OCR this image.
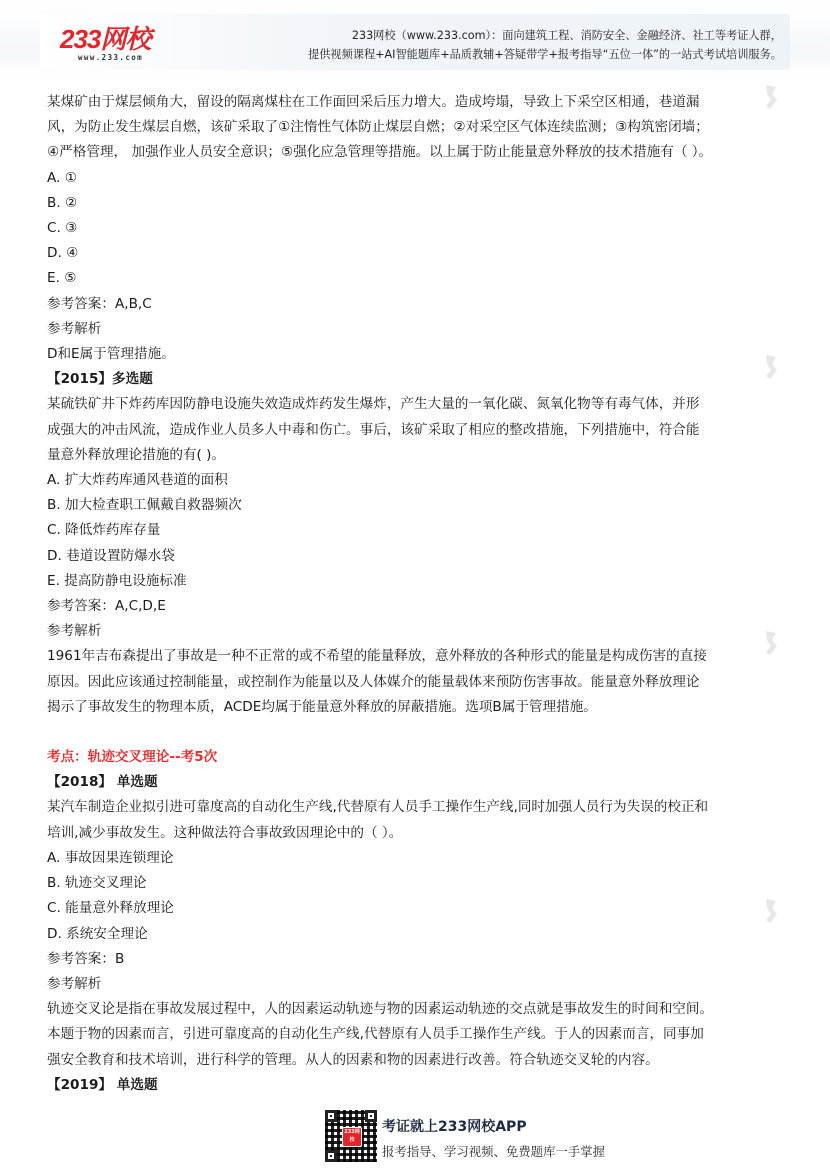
233网校
www.233.com
233网校（www.233.com）：面向建筑工程、消防安全、金融经济、社工等考证人群，
提供视频课程+AI智能题库+品质教辅+答疑带学+报考指导“五位一体”的一站式考试培训服务。

某煤矿由于煤层倾角大，留设的隔离煤柱在工作面回采后压力增大。造成垮塌，导致上下采空区相通，巷道漏

风，为防止发生煤层自燃，该矿采取了①注惰性气体防止煤层自燃；②对采空区气体连续监测；③构筑密闭墙；

④严格管理， 加强作业人员安全意识；⑤强化应急管理等措施。以上属于防止能量意外释放的技术措施有（ ）。

A. ①

B. ②

C. ③

D. ④

E. ⑤

参考答案：A,B,C

参考解析

D和E属于管理措施。

【2015】多选题

某硫铁矿井下炸药库因防静电设施失效造成炸药发生爆炸，产生大量的一氧化碳、氮氧化物等有毒气体，并形

成强大的冲击风流，造成作业人员多人中毒和伤亡。事后，该矿采取了相应的整改措施，下列措施中，符合能

量意外释放理论措施的有( )。

A. 扩大炸药库通风巷道的面积

B. 加大检查职工佩戴自救器频次

C. 降低炸药库存量

D. 巷道设置防爆水袋

E. 提高防静电设施标准

参考答案：A,C,D,E

参考解析

1961年吉布森提出了事故是一种不正常的或不希望的能量释放，意外释放的各种形式的能量是构成伤害的直接

原因。因此应该通过控制能量，或控制作为能量以及人体媒介的能量载体来预防伤害事故。能量意外释放理论

揭示了事故发生的物理本质，ACDE均属于能量意外释放的屏蔽措施。选项B属于管理措施。

考点：轨迹交叉理论--考5次

【2018】 单选题

某汽车制造企业拟引进可靠度高的自动化生产线,代替原有人员手工操作生产线,同时加强人员行为失误的校正和

培训,减少事故发生。这种做法符合事故致因理论中的（ ）。

A. 事故因果连锁理论

B. 轨迹交叉理论

C. 能量意外释放理论

D. 系统安全理论

参考答案：B

参考解析

轨迹交叉论是指在事故发展过程中，人的因素运动轨迹与物的因素运动轨迹的交点就是事故发生的时间和空间。

本题于物的因素而言，引进可靠度高的自动化生产线,代替原有人员手工操作生产线。于人的因素而言，同事加

强安全教育和技术培训，进行科学的管理。从人的因素和物的因素进行改善。符合轨迹交叉轮的内容。

【2019】 单选题

233网校
考证就上233网校APP
报考指导、学习视频、免费题库一手掌握
